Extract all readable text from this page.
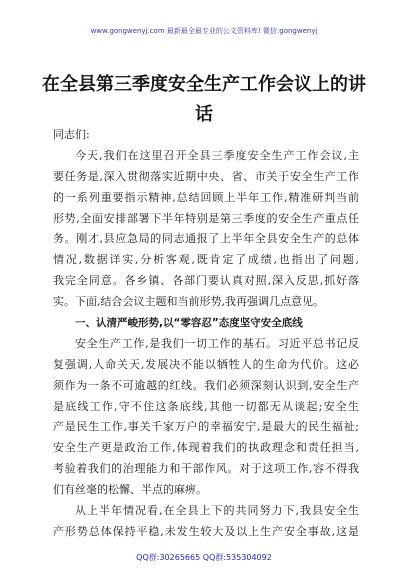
www.gongwenyj.com 最新最全最专业的公文资料库! 微信:gongwenyj
在全县第三季度安全生产工作会议上的讲
话
同志们:
今天,我们在这里召开全县三季度安全生产工作会议,主
要任务是,深入贯彻落实近期中央、省、市关于安全生产工作
的一系列重要指示精神,总结回顾上半年工作,精准研判当前
形势,全面安排部署下半年特别是第三季度的安全生产重点任
务。刚才,县应急局的同志通报了上半年全县安全生产的总体
情况,数据详实,分析客观,既肯定了成绩,也指出了问题,
我完全同意。各乡镇、各部门要认真对照,深入反思,抓好落
实。下面,结合会议主题和当前形势,我再强调几点意见。
一、认清严峻形势,以“零容忍”态度坚守安全底线
安全生产工作,是我们一切工作的基石。习近平总书记反
复强调,人命关天,发展决不能以牺牲人的生命为代价。这必
须作为一条不可逾越的红线。我们必须深刻认识到,安全生产
是底线工作,守不住这条底线,其他一切都无从谈起;安全生
产是民生工作,事关千家万户的幸福安宁,是最大的民生福祉;
安全生产更是政治工作,体现着我们的执政理念和责任担当,
考验着我们的治理能力和干部作风。对于这项工作,容不得我
们有丝毫的松懈、半点的麻痹。
从上半年情况看,在全县上下的共同努力下,我县安全生
产形势总体保持平稳,未发生较大及以上生产安全事故,这是
QQ群:30265665 QQ群:535304092
